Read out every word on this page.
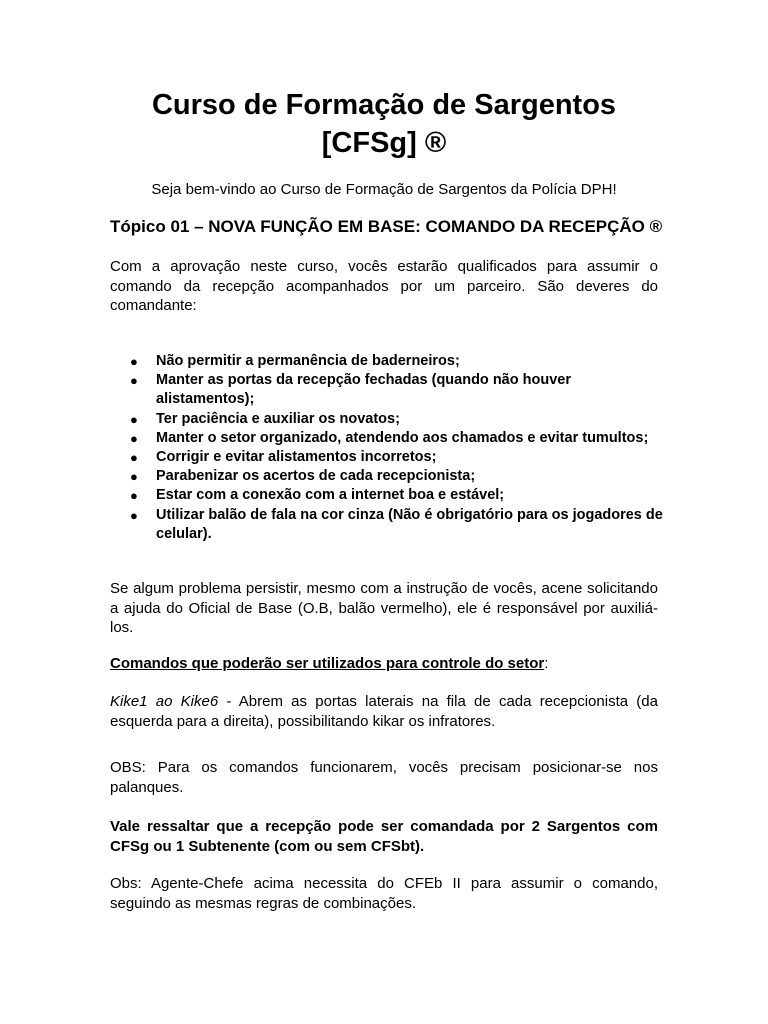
Curso de Formação de Sargentos
[CFSg] ®
Seja bem-vindo ao Curso de Formação de Sargentos da Polícia DPH!
Tópico 01 – NOVA FUNÇÃO EM BASE: COMANDO DA RECEPÇÃO ®

Com a aprovação neste curso, vocês estarão qualificados para assumir o comando da recepção acompanhados por um parceiro. São deveres do comandante:

● Não permitir a permanência de baderneiros;
● Manter as portas da recepção fechadas (quando não houver alistamentos);
● Ter paciência e auxiliar os novatos;
● Manter o setor organizado, atendendo aos chamados e evitar tumultos;
● Corrigir e evitar alistamentos incorretos;
● Parabenizar os acertos de cada recepcionista;
● Estar com a conexão com a internet boa e estável;
● Utilizar balão de fala na cor cinza (Não é obrigatório para os jogadores de celular).

Se algum problema persistir, mesmo com a instrução de vocês, acene solicitando a ajuda do Oficial de Base (O.B, balão vermelho), ele é responsável por auxiliá-los.

Comandos que poderão ser utilizados para controle do setor:

Kike1 ao Kike6 - Abrem as portas laterais na fila de cada recepcionista (da esquerda para a direita), possibilitando kikar os infratores.

OBS: Para os comandos funcionarem, vocês precisam posicionar-se nos palanques.

Vale ressaltar que a recepção pode ser comandada por 2 Sargentos com CFSg ou 1 Subtenente (com ou sem CFSbt).

Obs: Agente-Chefe acima necessita do CFEb II para assumir o comando, seguindo as mesmas regras de combinações.
